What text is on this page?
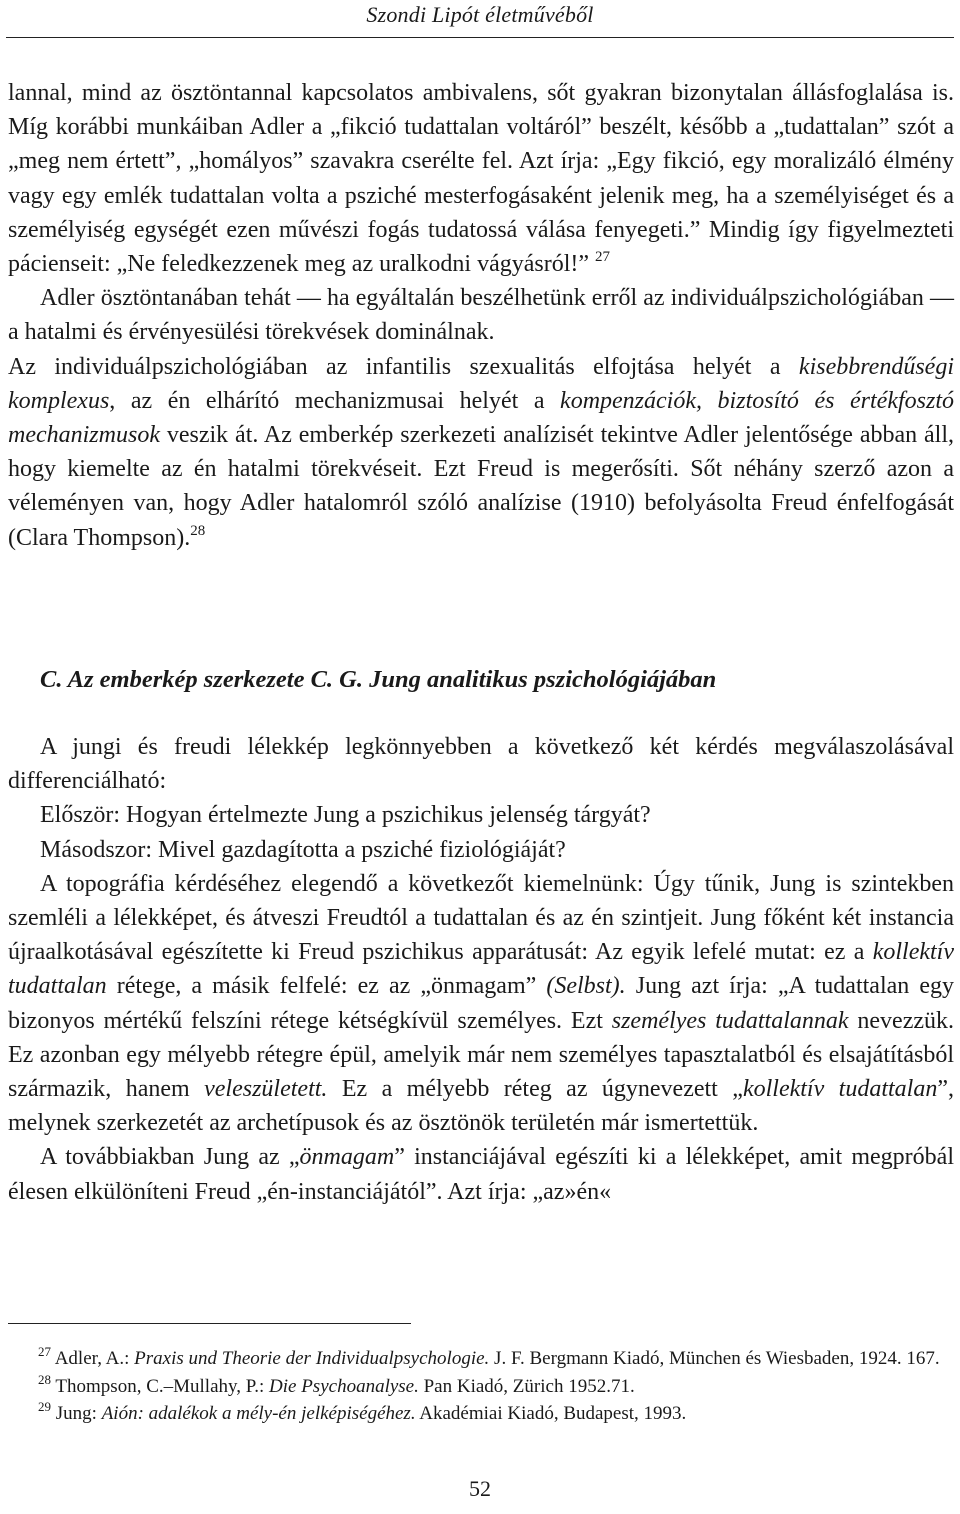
Szondi Lipót életművéből

lannal, mind az ösztöntannal kapcsolatos ambivalens, sőt gyakran bizonytalan állásfoglalása is. Míg korábbi munkáiban Adler a „fikció tudattalan voltáról” beszélt, később a „tudattalan” szót a „meg nem értett”, „homályos” szavakra cserélte fel. Azt írja: „Egy fikció, egy moralizáló élmény vagy egy emlék tudattalan volta a psziché mesterfogásaként jelenik meg, ha a személyiséget és a személyiség egységét ezen művészi fogás tudatossá válása fenyegeti.” Mindig így figyelmezteti pácienseit: „Ne feledkezzenek meg az uralkodni vágyásról!” $^{27}$

Adler ösztöntanában tehát — ha egyáltalán beszélhetünk erről az individuálpszichológiában — a hatalmi és érvényesülési törekvések dominálnak.

Az individuálpszichológiában az infantilis szexualitás elfojtása helyét a kisebbrendűségi komplexus, az én elhárító mechanizmusai helyét a kompenzációk, biztosító és értékfosztó mechanizmusok veszik át. Az emberkép szerkezeti analízisét tekintve Adler jelentősége abban áll, hogy kiemelte az én hatalmi törekvéseit. Ezt Freud is megerősíti. Sőt néhány szerző azon a véleményen van, hogy Adler hatalomról szóló analízise (1910) befolyásolta Freud énfelfogását (Clara Thompson).$^{28}$

C. Az emberkép szerkezete C. G. Jung analitikus pszichológiájában

A jungi és freudi lélekkép legkönnyebben a következő két kérdés megválaszolásával differenciálható:

Először: Hogyan értelmezte Jung a pszichikus jelenség tárgyát?

Másodszor: Mivel gazdagította a psziché fiziológiáját?

A topográfia kérdéséhez elegendő a következőt kiemelnünk: Úgy tűnik, Jung is szintekben szemléli a lélekképet, és átveszi Freudtól a tudattalan és az én szintjeit. Jung főként két instancia újraalkotásával egészítette ki Freud pszichikus apparátusát: Az egyik lefelé mutat: ez a kollektív tudattalan rétege, a másik felfelé: ez az „önmagam” (Selbst). Jung azt írja: „A tudattalan egy bizonyos mértékű felszíni rétege kétségkívül személyes. Ezt személyes tudattalannak nevezzük. Ez azonban egy mélyebb rétegre épül, amelyik már nem személyes tapasztalatból és elsajátításból származik, hanem veleszületett. Ez a mélyebb réteg az úgynevezett „kollektív tudattalan”, melynek szerkezetét az archetípusok és az ösztönök területén már ismertettük.

A továbbiakban Jung az „önmagam” instanciájával egészíti ki a lélekképet, amit megpróbál élesen elkülöníteni Freud „én-instanciájától”. Azt írja: „az»én«

$^{27}$ Adler, A.: Praxis und Theorie der Individualpsychologie. J. F. Bergmann Kiadó, München és Wiesbaden, 1924. 167.

$^{28}$ Thompson, C.–Mullahy, P.: Die Psychoanalyse. Pan Kiadó, Zürich 1952.71.

$^{29}$ Jung: Aión: adalékok a mély-én jelképiségéhez. Akadémiai Kiadó, Budapest, 1993.

52
